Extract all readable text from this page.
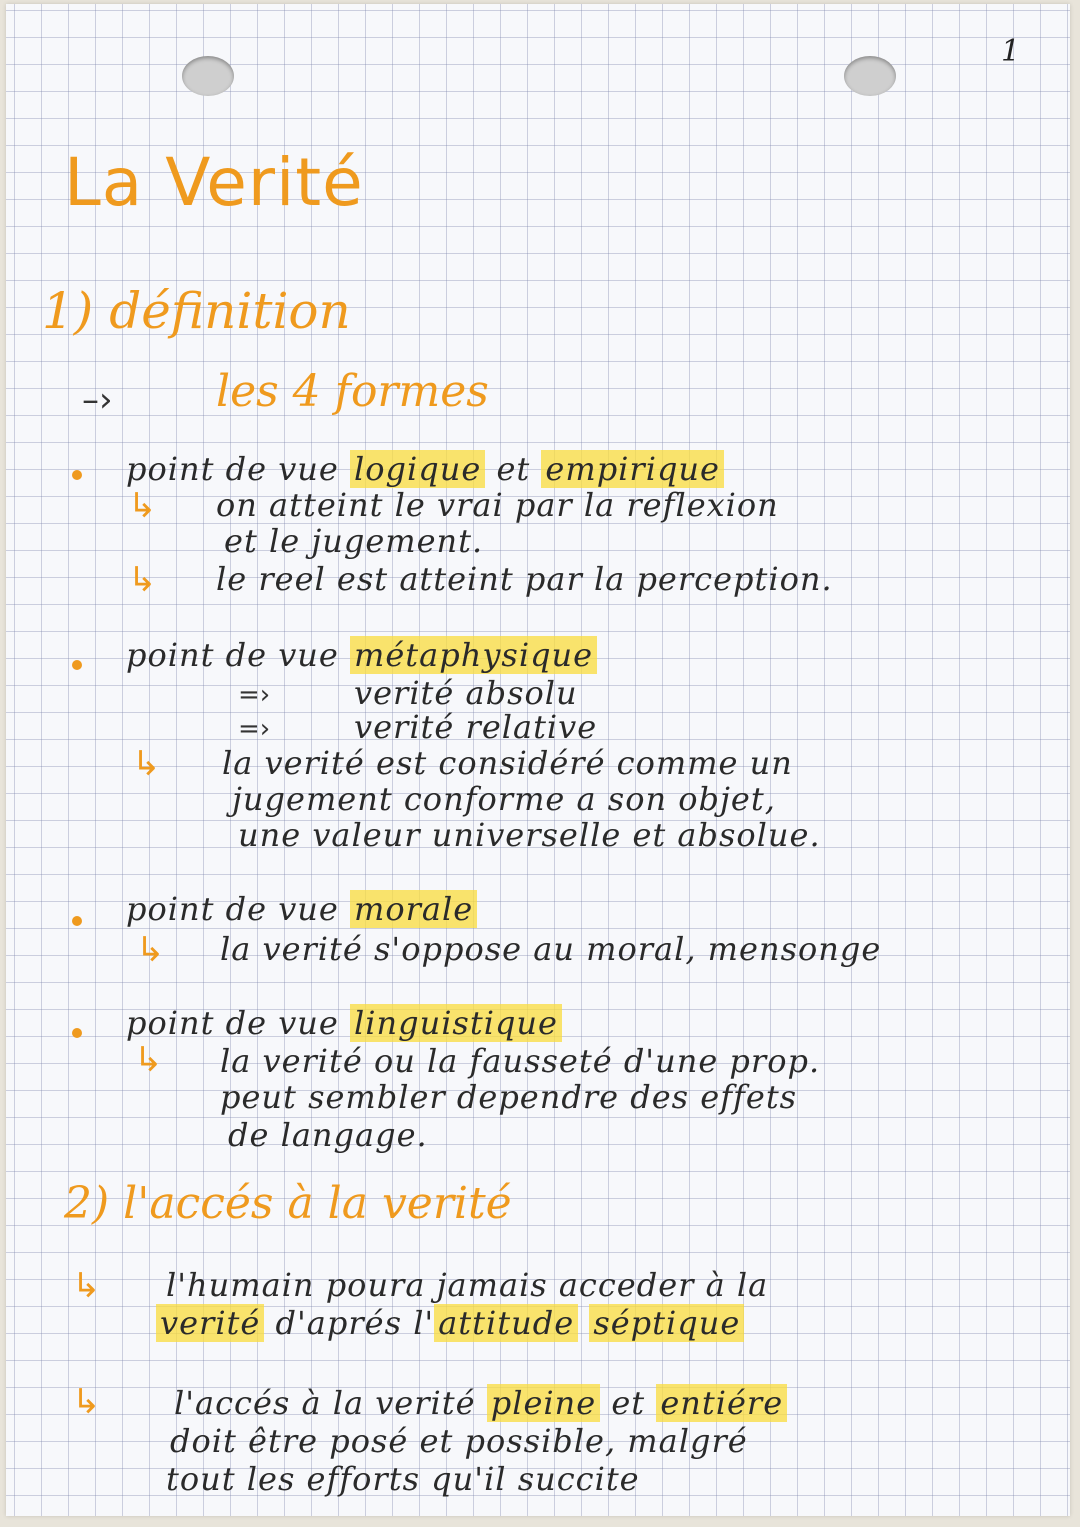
1
La Verité
1) définition
–› les 4 formes
point de vue logique et empirique
↳ on atteint le vrai par la reflexion
et le jugement.
↳ le reel est atteint par la perception.
point de vue métaphysique
=›	verité absolu
=›	verité relative
↳ la verité est considéré comme un
jugement conforme a son objet,
une valeur universelle et absolue.
point de vue morale
↳ la verité s'oppose au moral, mensonge
point de vue linguistique
↳ la verité ou la fausseté d'une prop.
peut sembler dependre des effets
de langage.
2) l'accés à la verité
↳ l'humain poura jamais acceder à la
verité d'aprés l' attitude séptique
↳ l'accés à la verité pleine et entiére
doit être posé et possible, malgré
tout les efforts qu'il succite
